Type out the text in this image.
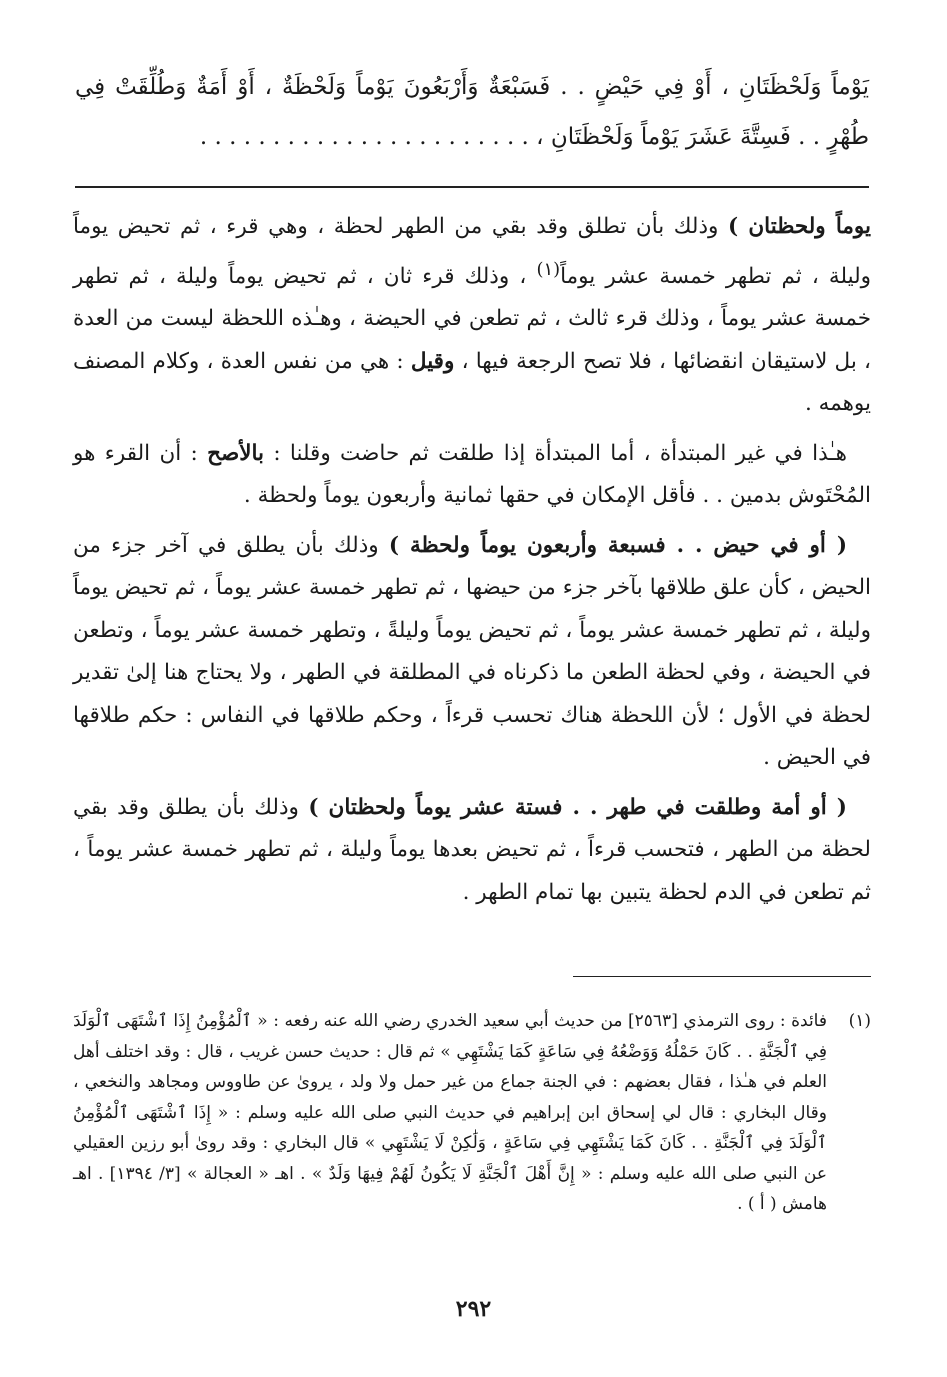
يَوْماً وَلَحْظَتَانِ ، أَوْ فِي حَيْضٍ . . فَسَبْعَةٌ وَأَرْبَعُونَ يَوْماً وَلَحْظَةٌ ، أَوْ أَمَةٌ وَطُلِّقَتْ فِي طُهْرٍ . . فَسِتَّةَ عَشَرَ يَوْماً وَلَحْظَتَانِ ، . . . . . . . . . . . . . . . . . . . . . . .

يوماً ولحظتان ) وذلك بأن تطلق وقد بقي من الطهر لحظة ، وهي قرء ، ثم تحيض يوماً وليلة ، ثم تطهر خمسة عشر يوماً$^{(١)}$ ، وذلك قرء ثان ، ثم تحيض يوماً وليلة ، ثم تطهر خمسة عشر يوماً ، وذلك قرء ثالث ، ثم تطعن في الحيضة ، وهـٰذه اللحظة ليست من العدة ، بل لاستيقان انقضائها ، فلا تصح الرجعة فيها ، وقيل : هي من نفس العدة ، وكلام المصنف يوهمه .

هـٰذا في غير المبتدأة ، أما المبتدأة إذا طلقت ثم حاضت وقلنا : بالأصح : أن القرء هو المُحْتَوش بدمين . . فأقل الإمكان في حقها ثمانية وأربعون يوماً ولحظة .

( أو في حيض . . فسبعة وأربعون يوماً ولحظة ) وذلك بأن يطلق في آخر جزء من الحيض ، كأن علق طلاقها بآخر جزء من حيضها ، ثم تطهر خمسة عشر يوماً ، ثم تحيض يوماً وليلة ، ثم تطهر خمسة عشر يوماً ، ثم تحيض يوماً وليلةً ، وتطهر خمسة عشر يوماً ، وتطعن في الحيضة ، وفي لحظة الطعن ما ذكرناه في المطلقة في الطهر ، ولا يحتاج هنا إلىٰ تقدير لحظة في الأول ؛ لأن اللحظة هناك تحسب قرءاً ، وحكم طلاقها في النفاس : حكم طلاقها في الحيض .

( أو أمة وطلقت في طهر . . فستة عشر يوماً ولحظتان ) وذلك بأن يطلق وقد بقي لحظة من الطهر ، فتحسب قرءاً ، ثم تحيض بعدها يوماً وليلة ، ثم تطهر خمسة عشر يوماً ، ثم تطعن في الدم لحظة يتبين بها تمام الطهر .

(١)
فائدة : روى الترمذي [٢٥٦٣] من حديث أبي سعيد الخدري رضي الله عنه رفعه : « ٱلْمُؤْمِنُ إِذَا ٱشْتَهَى ٱلْوَلَدَ فِي ٱلْجَنَّةِ . . كَانَ حَمْلُهُ وَوَضْعُهُ فِي سَاعَةٍ كَمَا يَشْتَهِي » ثم قال : حديث حسن غريب ، قال : وقد اختلف أهل العلم في هـٰذا ، فقال بعضهم : في الجنة جماع من غير حمل ولا ولد ، يروىٰ عن طاووس ومجاهد والنخعي ، وقال البخاري : قال لي إسحاق ابن إبراهيم في حديث النبي صلى الله عليه وسلم : « إِذَا ٱشْتَهَى ٱلْمُؤْمِنُ ٱلْوَلَدَ فِي ٱلْجَنَّةِ . . كَانَ كَمَا يَشْتَهِي فِي سَاعَةٍ ، وَلَٰكِنْ لَا يَشْتَهِي » قال البخاري : وقد روىٰ أبو رزين العقيلي عن النبي صلى الله عليه وسلم : « إِنَّ أَهْلَ ٱلْجَنَّةِ لَا يَكُونُ لَهُمْ فِيهَا وَلَدٌ » . اهـ « العجالة » [٣/ ١٣٩٤] . اهـ هامش ( أ ) .
٢٩٢
